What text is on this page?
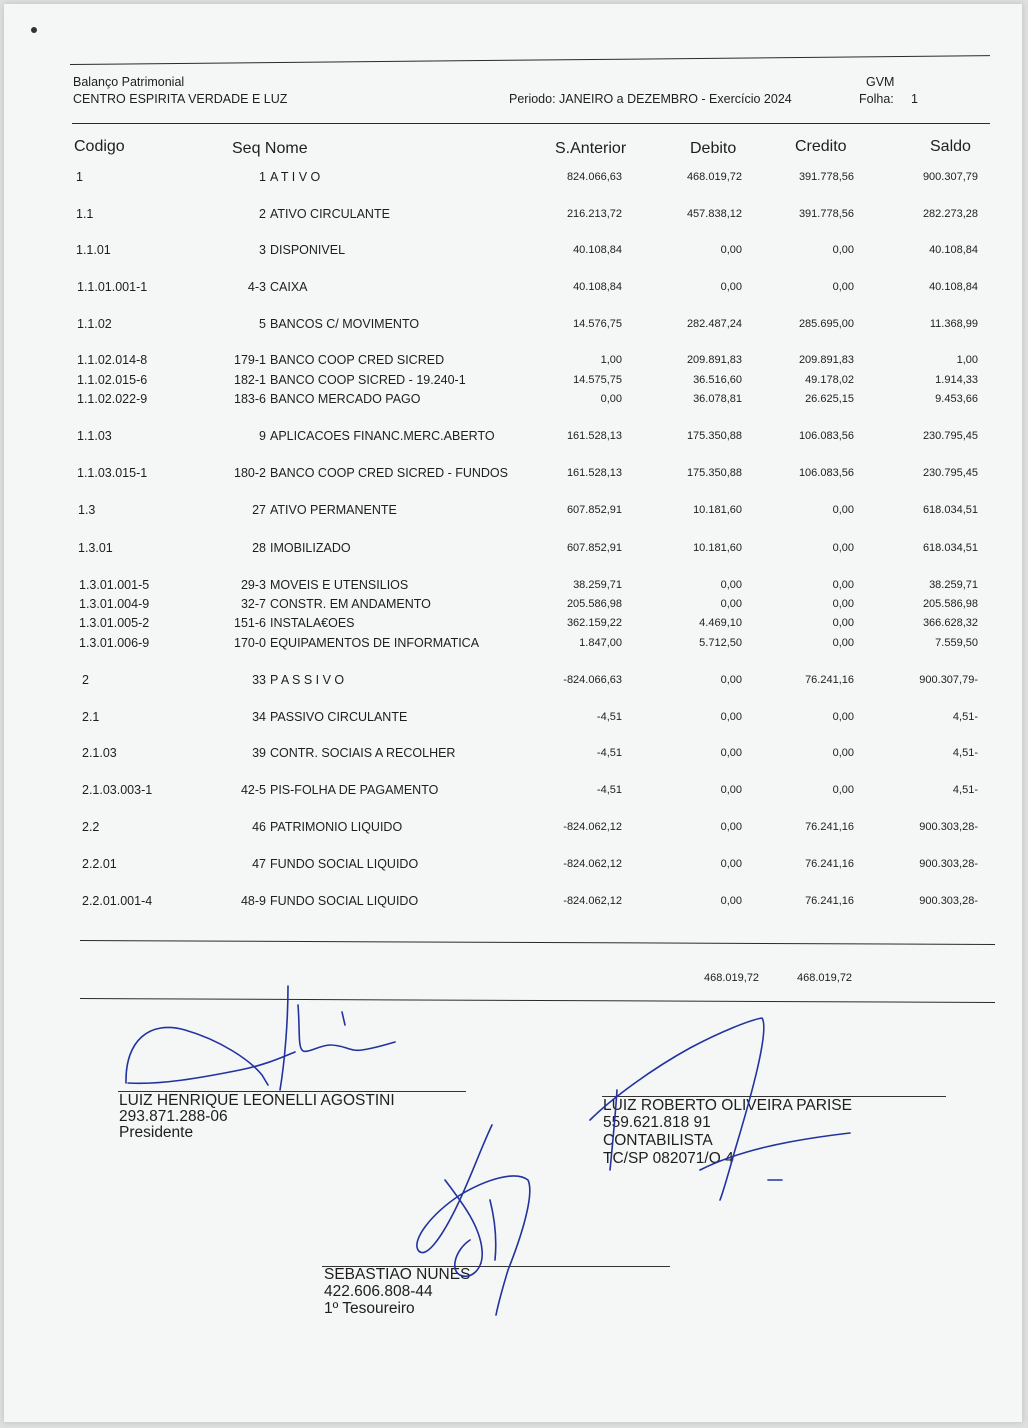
Balanço Patrimonial
CENTRO ESPIRITA VERDADE E LUZ	Periodo: JANEIRO a DEZEMBRO - Exercício 2024
GVM
Folha: 1
Codigo	Seq Nome	S.Anterior	Debito	Credito	Saldo
1	1 A T I V O	824.066,63	468.019,72	391.778,56	900.307,79
1.1	2 ATIVO CIRCULANTE	216.213,72	457.838,12	391.778,56	282.273,28
1.1.01	3 DISPONIVEL	40.108,84	0,00	0,00	40.108,84
1.1.01.001-1	4-3 CAIXA	40.108,84	0,00	0,00	40.108,84
1.1.02	5 BANCOS C/ MOVIMENTO	14.576,75	282.487,24	285.695,00	11.368,99
1.1.02.014-8	179-1 BANCO COOP CRED SICRED	1,00	209.891,83	209.891,83	1,00
1.1.02.015-6	182-1 BANCO COOP SICRED - 19.240-1	14.575,75	36.516,60	49.178,02	1.914,33
1.1.02.022-9	183-6 BANCO MERCADO PAGO	0,00	36.078,81	26.625,15	9.453,66
1.1.03	9 APLICACOES FINANC.MERC.ABERTO	161.528,13	175.350,88	106.083,56	230.795,45
1.1.03.015-1	180-2 BANCO COOP CRED SICRED - FUNDOS	161.528,13	175.350,88	106.083,56	230.795,45
1.3	27 ATIVO PERMANENTE	607.852,91	10.181,60	0,00	618.034,51
1.3.01	28 IMOBILIZADO	607.852,91	10.181,60	0,00	618.034,51
1.3.01.001-5	29-3 MOVEIS E UTENSILIOS	38.259,71	0,00	0,00	38.259,71
1.3.01.004-9	32-7 CONSTR. EM ANDAMENTO	205.586,98	0,00	0,00	205.586,98
1.3.01.005-2	151-6 INSTALA€OES	362.159,22	4.469,10	0,00	366.628,32
1.3.01.006-9	170-0 EQUIPAMENTOS DE INFORMATICA	1.847,00	5.712,50	0,00	7.559,50
2	33 P A S S I V O	-824.066,63	0,00	76.241,16	900.307,79-
2.1	34 PASSIVO CIRCULANTE	-4,51	0,00	0,00	4,51-
2.1.03	39 CONTR. SOCIAIS A RECOLHER	-4,51	0,00	0,00	4,51-
2.1.03.003-1	42-5 PIS-FOLHA DE PAGAMENTO	-4,51	0,00	0,00	4,51-
2.2	46 PATRIMONIO LIQUIDO	-824.062,12	0,00	76.241,16	900.303,28-
2.2.01	47 FUNDO SOCIAL LIQUIDO	-824.062,12	0,00	76.241,16	900.303,28-
2.2.01.001-4	48-9 FUNDO SOCIAL LIQUIDO	-824.062,12	0,00	76.241,16	900.303,28-
468.019,72	468.019,72
LUIZ HENRIQUE LEONELLI AGOSTINI
293.871.288-06
Presidente
LUIZ ROBERTO OLIVEIRA PARISE
559.621.818 91
CONTABILISTA
TC/SP 082071/O 4
SEBASTIAO NUNES
422.606.808-44
1º Tesoureiro
